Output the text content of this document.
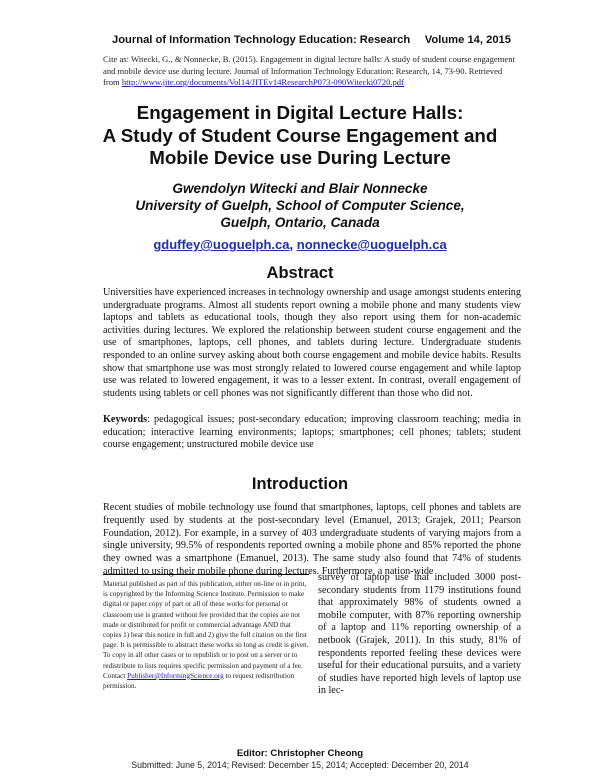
Journal of Information Technology Education: Research	Volume 14, 2015
Cite as: Witecki, G., & Nonnecke, B. (2015). Engagement in digital lecture halls: A study of student course engagement and mobile device use during lecture. Journal of Information Technology Education: Research, 14, 73-90. Retrieved from http://www.jite.org/documents/Vol14/JITEv14ResearchP073-090Witecki0720.pdf
Engagement in Digital Lecture Halls:
A Study of Student Course Engagement and
Mobile Device use During Lecture
Gwendolyn Witecki and Blair Nonnecke
University of Guelph, School of Computer Science,
Guelph, Ontario, Canada
gduffey@uoguelph.ca, nonnecke@uoguelph.ca
Abstract
Universities have experienced increases in technology ownership and usage amongst students entering undergraduate programs. Almost all students report owning a mobile phone and many students view laptops and tablets as educational tools, though they also report using them for non-academic activities during lectures. We explored the relationship between student course engagement and the use of smartphones, laptops, cell phones, and tablets during lecture. Undergraduate students responded to an online survey asking about both course engagement and mobile device habits. Results show that smartphone use was most strongly related to lowered course engagement and while laptop use was related to lowered engagement, it was to a lesser extent. In contrast, overall engagement of students using tablets or cell phones was not significantly different than those who did not.
Keywords: pedagogical issues; post-secondary education; improving classroom teaching; media in education; interactive learning environments; laptops; smartphones; cell phones; tablets; student course engagement; unstructured mobile device use
Introduction
Recent studies of mobile technology use found that smartphones, laptops, cell phones and tablets are frequently used by students at the post-secondary level (Emanuel, 2013; Grajek, 2011; Pearson Foundation, 2012). For example, in a survey of 403 undergraduate students of varying majors from a single university, 99.5% of respondents reported owning a mobile phone and 85% reported the phone they owned was a smartphone (Emanuel, 2013). The same study also found that 74% of students admitted to using their mobile phone during lectures. Furthermore, a nation-wide
Material published as part of this publication, either on-line or in print, is copyrighted by the Informing Science Institute. Permission to make digital or paper copy of part or all of these works for personal or classroom use is granted without fee provided that the copies are not made or distributed for profit or commercial advantage AND that copies 1) bear this notice in full and 2) give the full citation on the first page. It is permissible to abstract these works so long as credit is given. To copy in all other cases or to republish or to post on a server or to redistribute to lists requires specific permission and payment of a fee. Contact Publisher@InformingScience.org to request redistribution permission.
survey of laptop use that included 3000 post-secondary students from 1179 institutions found that approximately 98% of students owned a mobile computer, with 87% reporting ownership of a laptop and 11% reporting ownership of a netbook (Grajek, 2011). In this study, 81% of respondents reported feeling these devices were useful for their educational pursuits, and a variety of studies have reported high levels of laptop use in lec-
Editor: Christopher Cheong
Submitted: June 5, 2014; Revised: December 15, 2014; Accepted: December 20, 2014
